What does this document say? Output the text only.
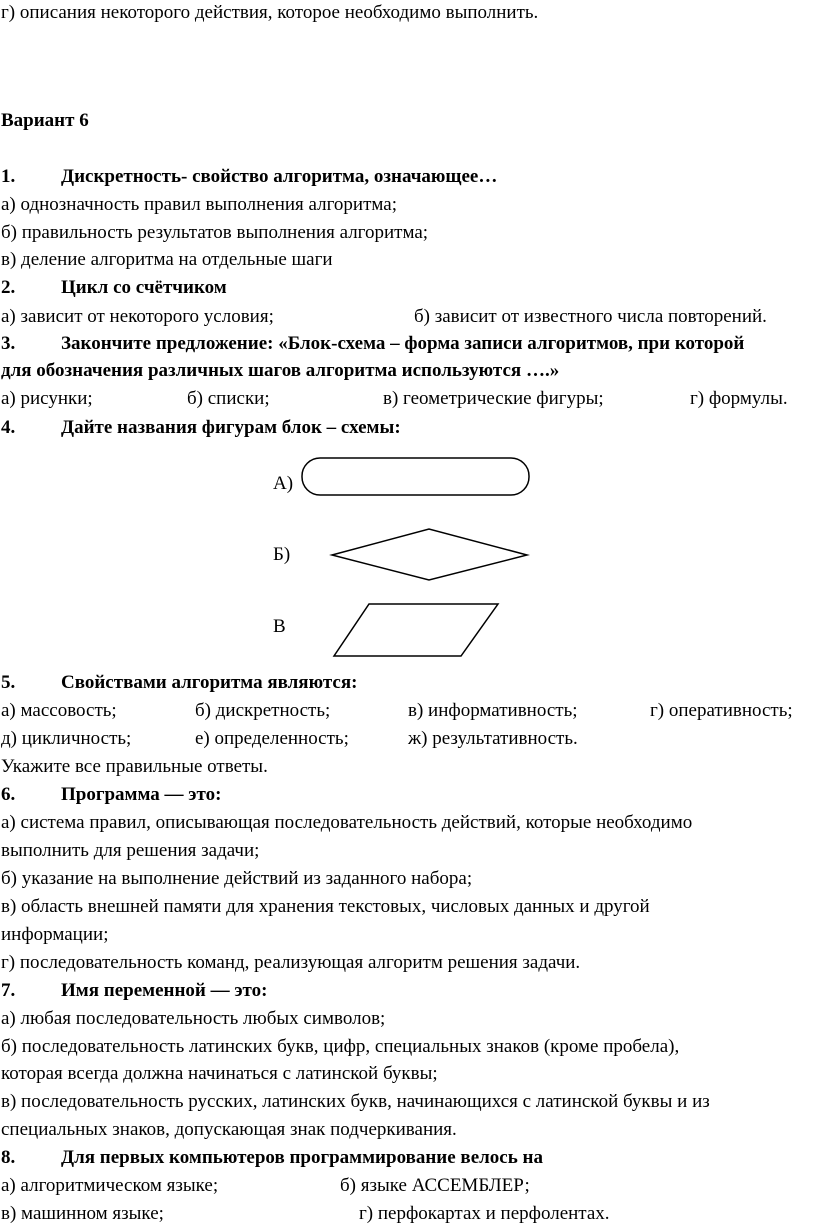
г) описания некоторого действия, которое необходимо выполнить.
Вариант 6
1. Дискретность- свойство алгоритма, означающее…
а) однозначность правил выполнения алгоритма;
б) правильность результатов выполнения алгоритма;
в) деление алгоритма на отдельные шаги
2. Цикл со счётчиком
а) зависит от некоторого условия;	б) зависит от известного числа повторений.
3. Закончите предложение: «Блок-схема – форма записи алгоритмов, при которой
для обозначения различных шагов алгоритма используются ….»
а) рисунки;	б) списки;	в) геометрические фигуры;	г) формулы.
4. Дайте названия фигурам блок – схемы:
А)
Б)
В
5. Свойствами алгоритма являются:
а) массовость;	б) дискретность;	в) информативность;	г) оперативность;
д) цикличность;	е) определенность;	ж) результативность.
Укажите все правильные ответы.
6. Программа — это:
а) система правил, описывающая последовательность действий, которые необходимо
выполнить для решения задачи;
б) указание на выполнение действий из заданного набора;
в) область внешней памяти для хранения текстовых, числовых данных и другой
информации;
г) последовательность команд, реализующая алгоритм решения задачи.
7. Имя переменной — это:
а) любая последовательность любых символов;
б) последовательность латинских букв, цифр, специальных знаков (кроме пробела),
которая всегда должна начинаться с латинской буквы;
в) последовательность русских, латинских букв, начинающихся с латинской буквы и из
специальных знаков, допускающая знак подчеркивания.
8. Для первых компьютеров программирование велось на
а) алгоритмическом языке;	б) языке АССЕМБЛЕР;
в) машинном языке;	г) перфокартах и перфолентах.
